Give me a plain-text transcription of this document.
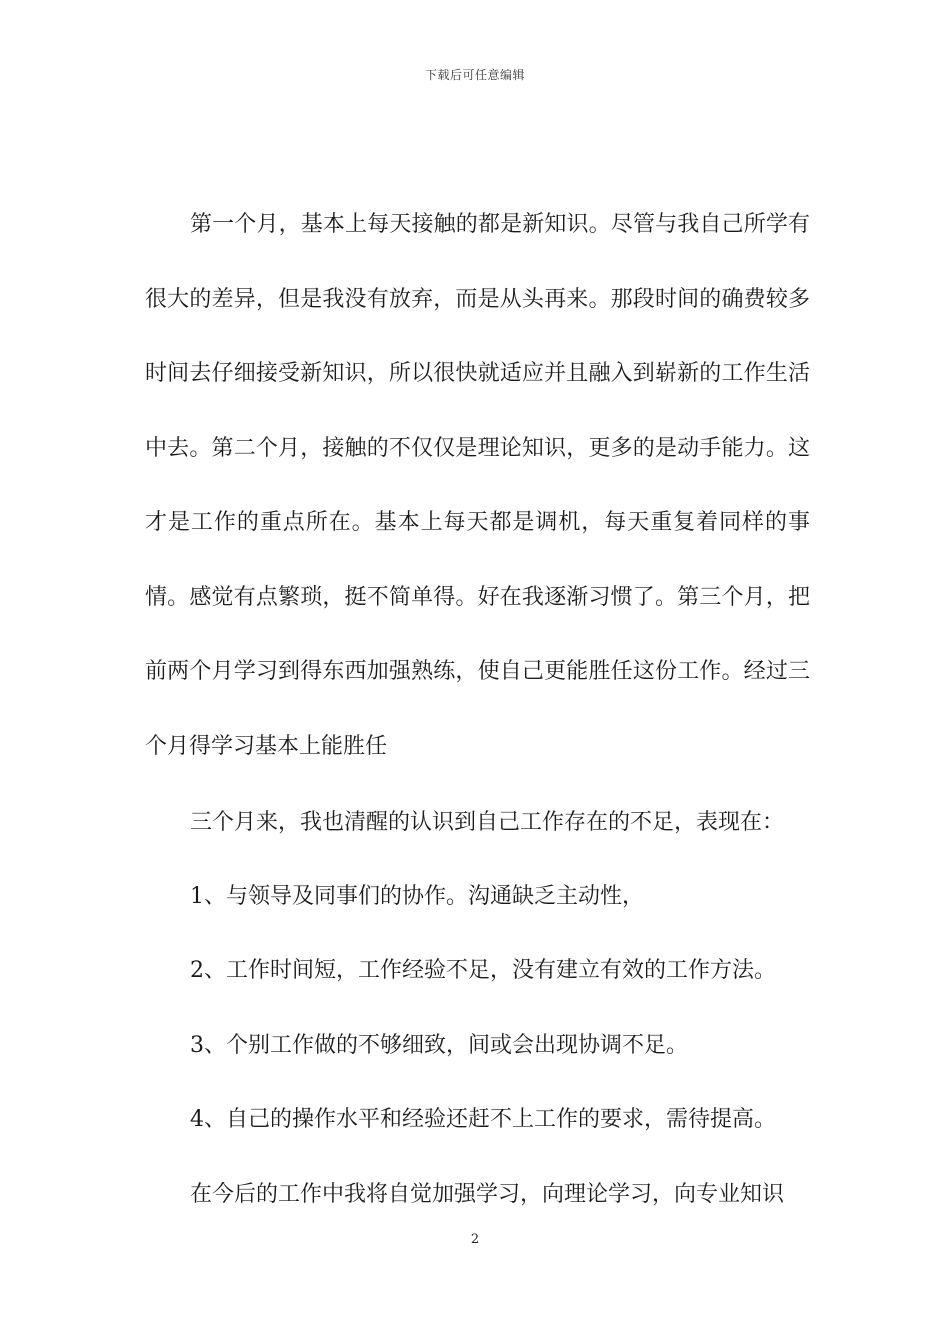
下载后可任意编辑
第一个月，基本上每天接触的都是新知识。尽管与我自己所学有很大的差异，但是我没有放弃，而是从头再来。那段时间的确费较多时间去仔细接受新知识，所以很快就适应并且融入到崭新的工作生活中去。第二个月，接触的不仅仅是理论知识，更多的是动手能力。这才是工作的重点所在。基本上每天都是调机，每天重复着同样的事情。感觉有点繁琐，挺不简单得。好在我逐渐习惯了。第三个月，把前两个月学习到得东西加强熟练，使自己更能胜任这份工作。经过三个月得学习基本上能胜任
三个月来，我也清醒的认识到自己工作存在的不足，表现在：
1、与领导及同事们的协作。沟通缺乏主动性，
2、工作时间短，工作经验不足，没有建立有效的工作方法。
3、个别工作做的不够细致，间或会出现协调不足。
4、自己的操作水平和经验还赶不上工作的要求，需待提高。
在今后的工作中我将自觉加强学习，向理论学习，向专业知识
2
